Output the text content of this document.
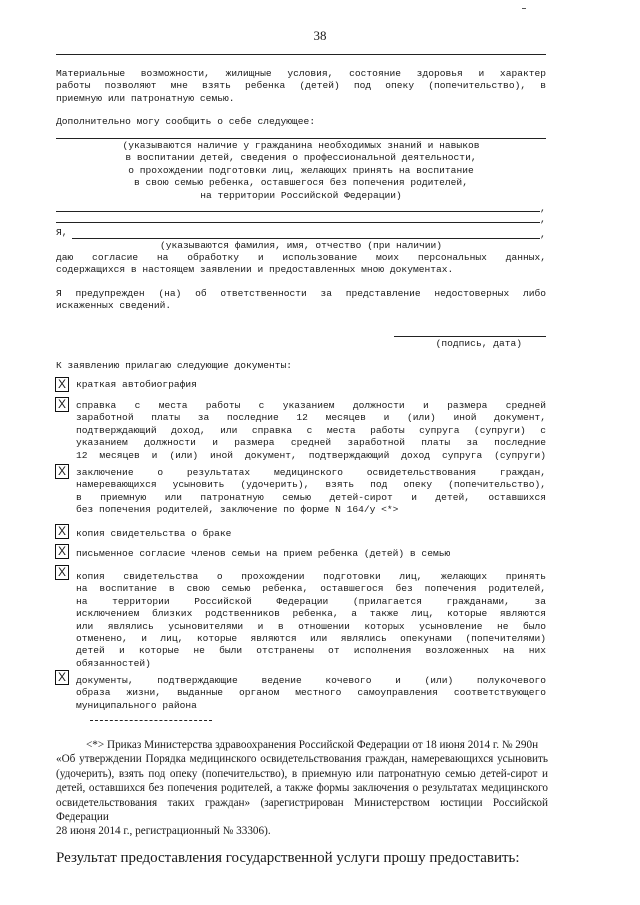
38
Материальные возможности, жилищные условия, состояние здоровья и характер
работы позволяют мне взять ребенка (детей) под опеку (попечительство), в
приемную или патронатную семью.
Дополнительно могу сообщить о себе следующее:
(указываются наличие у гражданина необходимых знаний и навыков
в воспитании детей, сведения о профессиональной деятельности,
о прохождении подготовки лиц, желающих принять на воспитание
в свою семью ребенка, оставшегося без попечения родителей,
на территории Российской Федерации)
,
,
Я,	,
(указываются фамилия, имя, отчество (при наличии)
даю согласие на обработку и использование моих персональных данных,
содержащихся в настоящем заявлении и предоставленных мною документах.
Я предупрежден (на) об ответственности за представление недостоверных либо
искаженных сведений.
(подпись, дата)
К заявлению прилагаю следующие документы:
X	краткая автобиография
X	справка с места работы с указанием должности и размера средней
заработной платы за последние 12 месяцев и (или) иной документ,
подтверждающий доход, или справка с места работы супруга (супруги) с
указанием должности и размера средней заработной платы за последние
12 месяцев и (или) иной документ, подтверждающий доход супруга (супруги)
X	заключение о результатах медицинского освидетельствования граждан,
намеревающихся усыновить (удочерить), взять под опеку (попечительство),
в приемную или патронатную семью детей-сирот и детей, оставшихся
без попечения родителей, заключение по форме N 164/у <*>
X	копия свидетельства о браке
X	письменное согласие членов семьи на прием ребенка (детей) в семью
X	копия свидетельства о прохождении подготовки лиц, желающих принять
на воспитание в свою семью ребенка, оставшегося без попечения родителей,
на территории Российской Федерации (прилагается гражданами, за
исключением близких родственников ребенка, а также лиц, которые являются
или являлись усыновителями и в отношении которых усыновление не было
отменено, и лиц, которые являются или являлись опекунами (попечителями)
детей и которые не были отстранены от исполнения возложенных на них
обязанностей)
X	документы, подтверждающие ведение кочевого и (или) полукочевого
образа жизни, выданные органом местного самоуправления соответствующего
муниципального района
<*> Приказ Министерства здравоохранения Российской Федерации от 18 июня 2014 г. № 290н
«Об утверждении Порядка медицинского освидетельствования граждан, намеревающихся усыновить
(удочерить), взять под опеку (попечительство), в приемную или патронатную семью детей-сирот и
детей, оставшихся без попечения родителей, а также формы заключения о результатах медицинского
освидетельствования таких граждан» (зарегистрирован Министерством юстиции Российской Федерации
28 июня 2014 г., регистрационный № 33306).
Результат предоставления государственной услуги прошу предоставить:
